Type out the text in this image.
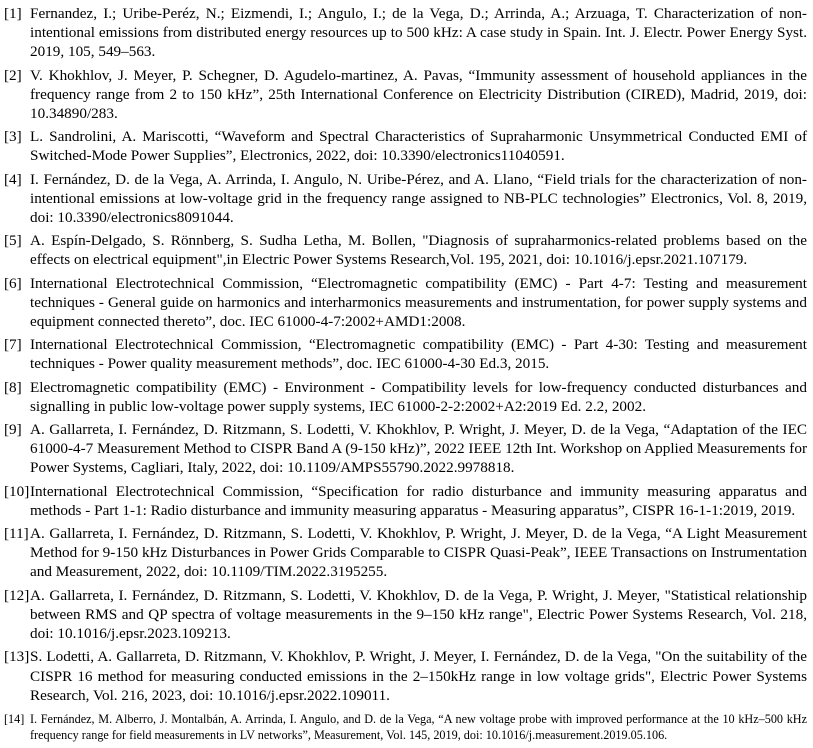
[1] Fernandez, I.; Uribe-Peréz, N.; Eizmendi, I.; Angulo, I.; de la Vega, D.; Arrinda, A.; Arzuaga, T. Characterization of non-intentional emissions from distributed energy resources up to 500 kHz: A case study in Spain. Int. J. Electr. Power Energy Syst. 2019, 105, 549–563.
[2] V. Khokhlov, J. Meyer, P. Schegner, D. Agudelo-martinez, A. Pavas, “Immunity assessment of household appliances in the frequency range from 2 to 150 kHz”, 25th International Conference on Electricity Distribution (CIRED), Madrid, 2019, doi: 10.34890/283.
[3] L. Sandrolini, A. Mariscotti, “Waveform and Spectral Characteristics of Supraharmonic Unsymmetrical Conducted EMI of Switched-Mode Power Supplies”, Electronics, 2022, doi: 10.3390/electronics11040591.
[4] I. Fernández, D. de la Vega, A. Arrinda, I. Angulo, N. Uribe-Pérez, and A. Llano, “Field trials for the characterization of non-intentional emissions at low-voltage grid in the frequency range assigned to NB-PLC technologies” Electronics, Vol. 8, 2019, doi: 10.3390/electronics8091044.
[5] A. Espín-Delgado, S. Rönnberg, S. Sudha Letha, M. Bollen, "Diagnosis of supraharmonics-related problems based on the effects on electrical equipment",in Electric Power Systems Research,Vol. 195, 2021, doi: 10.1016/j.epsr.2021.107179.
[6] International Electrotechnical Commission, “Electromagnetic compatibility (EMC) - Part 4-7: Testing and measurement techniques - General guide on harmonics and interharmonics measurements and instrumentation, for power supply systems and equipment connected thereto”, doc. IEC 61000-4-7:2002+AMD1:2008.
[7] International Electrotechnical Commission, “Electromagnetic compatibility (EMC) - Part 4-30: Testing and measurement techniques - Power quality measurement methods”, doc. IEC 61000-4-30 Ed.3, 2015.
[8] Electromagnetic compatibility (EMC) - Environment - Compatibility levels for low-frequency conducted disturbances and signalling in public low-voltage power supply systems, IEC 61000-2-2:2002+A2:2019 Ed. 2.2, 2002.
[9] A. Gallarreta, I. Fernández, D. Ritzmann, S. Lodetti, V. Khokhlov, P. Wright, J. Meyer, D. de la Vega, “Adaptation of the IEC 61000-4-7 Measurement Method to CISPR Band A (9-150 kHz)”, 2022 IEEE 12th Int. Workshop on Applied Measurements for Power Systems, Cagliari, Italy, 2022, doi: 10.1109/AMPS55790.2022.9978818.
[10] International Electrotechnical Commission, “Specification for radio disturbance and immunity measuring apparatus and methods - Part 1-1: Radio disturbance and immunity measuring apparatus - Measuring apparatus”, CISPR 16-1-1:2019, 2019.
[11] A. Gallarreta, I. Fernández, D. Ritzmann, S. Lodetti, V. Khokhlov, P. Wright, J. Meyer, D. de la Vega, “A Light Measurement Method for 9-150 kHz Disturbances in Power Grids Comparable to CISPR Quasi-Peak”, IEEE Transactions on Instrumentation and Measurement, 2022, doi: 10.1109/TIM.2022.3195255.
[12] A. Gallarreta, I. Fernández, D. Ritzmann, S. Lodetti, V. Khokhlov, D. de la Vega, P. Wright, J. Meyer, "Statistical relationship between RMS and QP spectra of voltage measurements in the 9–150 kHz range", Electric Power Systems Research, Vol. 218, doi: 10.1016/j.epsr.2023.109213.
[13] S. Lodetti, A. Gallarreta, D. Ritzmann, V. Khokhlov, P. Wright, J. Meyer, I. Fernández, D. de la Vega, "On the suitability of the CISPR 16 method for measuring conducted emissions in the 2–150kHz range in low voltage grids", Electric Power Systems Research, Vol. 216, 2023, doi: 10.1016/j.epsr.2022.109011.
[14] I. Fernández, M. Alberro, J. Montalbán, A. Arrinda, I. Angulo, and D. de la Vega, “A new voltage probe with improved performance at the 10 kHz–500 kHz frequency range for field measurements in LV networks”, Measurement, Vol. 145, 2019, doi: 10.1016/j.measurement.2019.05.106.
